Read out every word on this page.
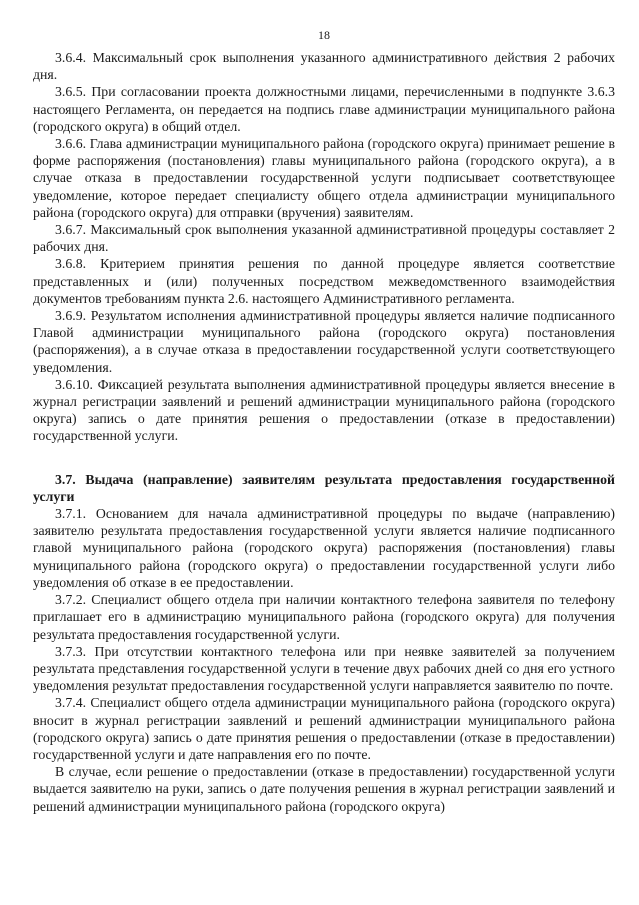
18

3.6.4. Максимальный срок выполнения указанного административного действия 2 рабочих дня.

3.6.5. При согласовании проекта должностными лицами, перечисленными в подпункте 3.6.3 настоящего Регламента, он передается на подпись главе администрации муниципального района (городского округа) в общий отдел.

3.6.6. Глава администрации муниципального района (городского округа) принимает решение в форме распоряжения (постановления) главы муниципального района (городского округа), а в случае отказа в предоставлении государственной услуги подписывает соответствующее уведомление, которое передает специалисту общего отдела администрации муниципального района (городского округа) для отправки (вручения) заявителям.

3.6.7. Максимальный срок выполнения указанной административной процедуры составляет 2 рабочих дня.

3.6.8. Критерием принятия решения по данной процедуре является соответствие представленных и (или) полученных посредством межведомственного взаимодействия документов требованиям пункта 2.6. настоящего Административного регламента.

3.6.9. Результатом исполнения административной процедуры является наличие подписанного Главой администрации муниципального района (городского округа) постановления (распоряжения), а в случае отказа в предоставлении государственной услуги соответствующего уведомления.

3.6.10. Фиксацией результата выполнения административной процедуры является внесение в журнал регистрации заявлений и решений администрации муниципального района (городского округа) запись о дате принятия решения о предоставлении (отказе в предоставлении) государственной услуги.

3.7. Выдача (направление) заявителям результата предоставления государственной услуги

3.7.1. Основанием для начала административной процедуры по выдаче (направлению) заявителю результата предоставления государственной услуги является наличие подписанного главой муниципального района (городского округа) распоряжения (постановления) главы муниципального района (городского округа) о предоставлении государственной услуги либо уведомления об отказе в ее предоставлении.

3.7.2. Специалист общего отдела при наличии контактного телефона заявителя по телефону приглашает его в администрацию муниципального района (городского округа) для получения результата предоставления государственной услуги.

3.7.3. При отсутствии контактного телефона или при неявке заявителей за получением результата представления государственной услуги в течение двух рабочих дней со дня его устного уведомления результат предоставления государственной услуги направляется заявителю по почте.

3.7.4. Специалист общего отдела администрации муниципального района (городского округа) вносит в журнал регистрации заявлений и решений администрации муниципального района (городского округа) запись о дате принятия решения о предоставлении (отказе в предоставлении) государственной услуги и дате направления его по почте.

В случае, если решение о предоставлении (отказе в предоставлении) государственной услуги выдается заявителю на руки, запись о дате получения решения в журнал регистрации заявлений и решений администрации муниципального района (городского округа)
